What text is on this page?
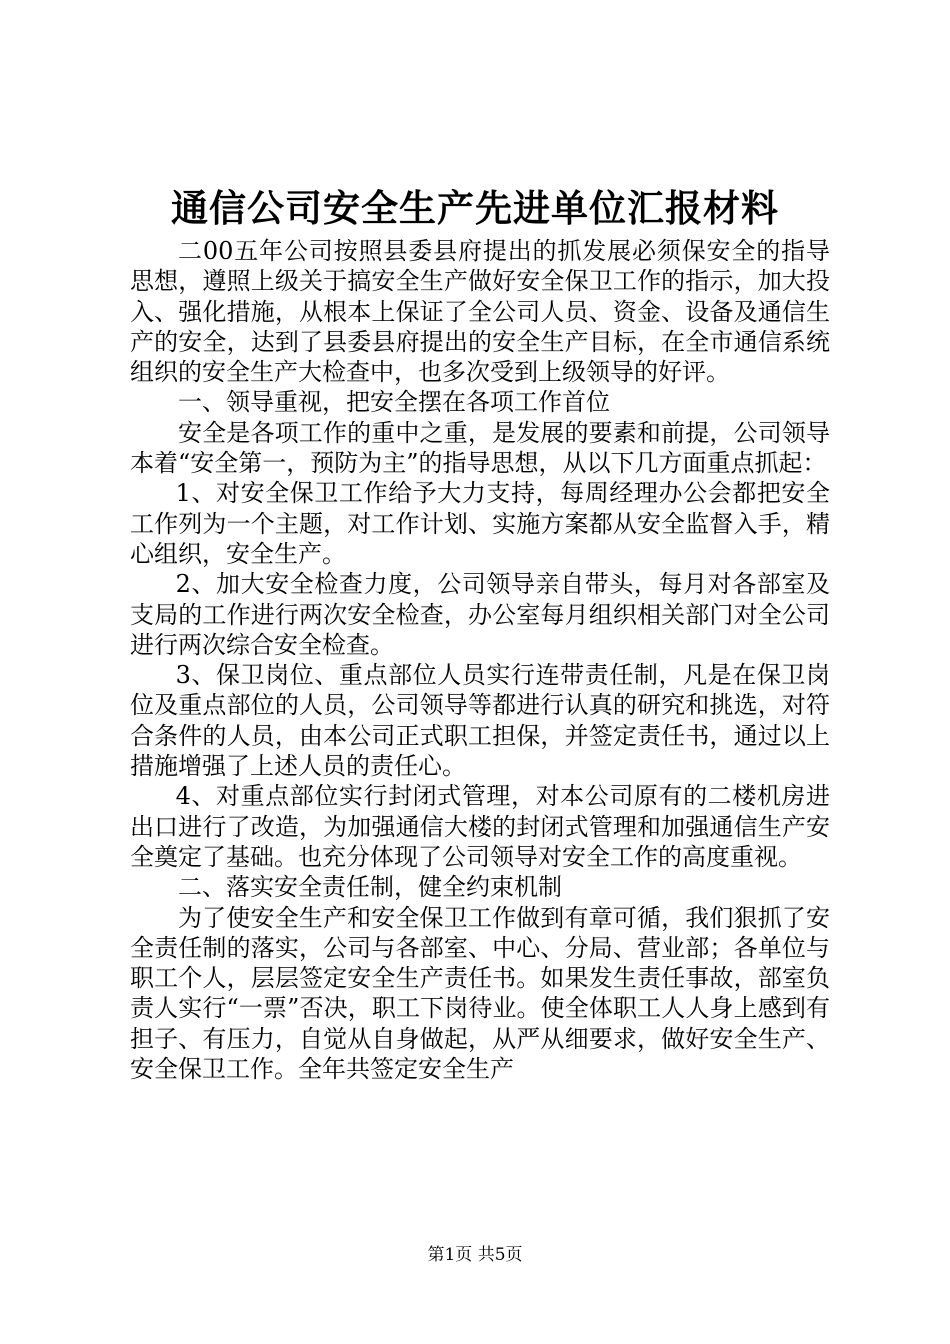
通信公司安全生产先进单位汇报材料

二00五年公司按照县委县府提出的抓发展必须保安全的指导思想，遵照上级关于搞安全生产做好安全保卫工作的指示，加大投入、强化措施，从根本上保证了全公司人员、资金、设备及通信生产的安全，达到了县委县府提出的安全生产目标，在全市通信系统组织的安全生产大检查中，也多次受到上级领导的好评。

一、领导重视，把安全摆在各项工作首位

安全是各项工作的重中之重，是发展的要素和前提，公司领导本着“安全第一，预防为主”的指导思想，从以下几方面重点抓起：

1、对安全保卫工作给予大力支持，每周经理办公会都把安全工作列为一个主题，对工作计划、实施方案都从安全监督入手，精心组织，安全生产。

2、加大安全检查力度，公司领导亲自带头，每月对各部室及支局的工作进行两次安全检查，办公室每月组织相关部门对全公司进行两次综合安全检查。

3、保卫岗位、重点部位人员实行连带责任制，凡是在保卫岗位及重点部位的人员，公司领导等都进行认真的研究和挑选，对符合条件的人员，由本公司正式职工担保，并签定责任书，通过以上措施增强了上述人员的责任心。

4、对重点部位实行封闭式管理，对本公司原有的二楼机房进出口进行了改造，为加强通信大楼的封闭式管理和加强通信生产安全奠定了基础。也充分体现了公司领导对安全工作的高度重视。

二、落实安全责任制，健全约束机制

为了使安全生产和安全保卫工作做到有章可循，我们狠抓了安全责任制的落实，公司与各部室、中心、分局、营业部；各单位与职工个人，层层签定安全生产责任书。如果发生责任事故，部室负责人实行“一票”否决，职工下岗待业。使全体职工人人身上感到有担子、有压力，自觉从自身做起，从严从细要求，做好安全生产、安全保卫工作。全年共签定安全生产

第1页 共5页
